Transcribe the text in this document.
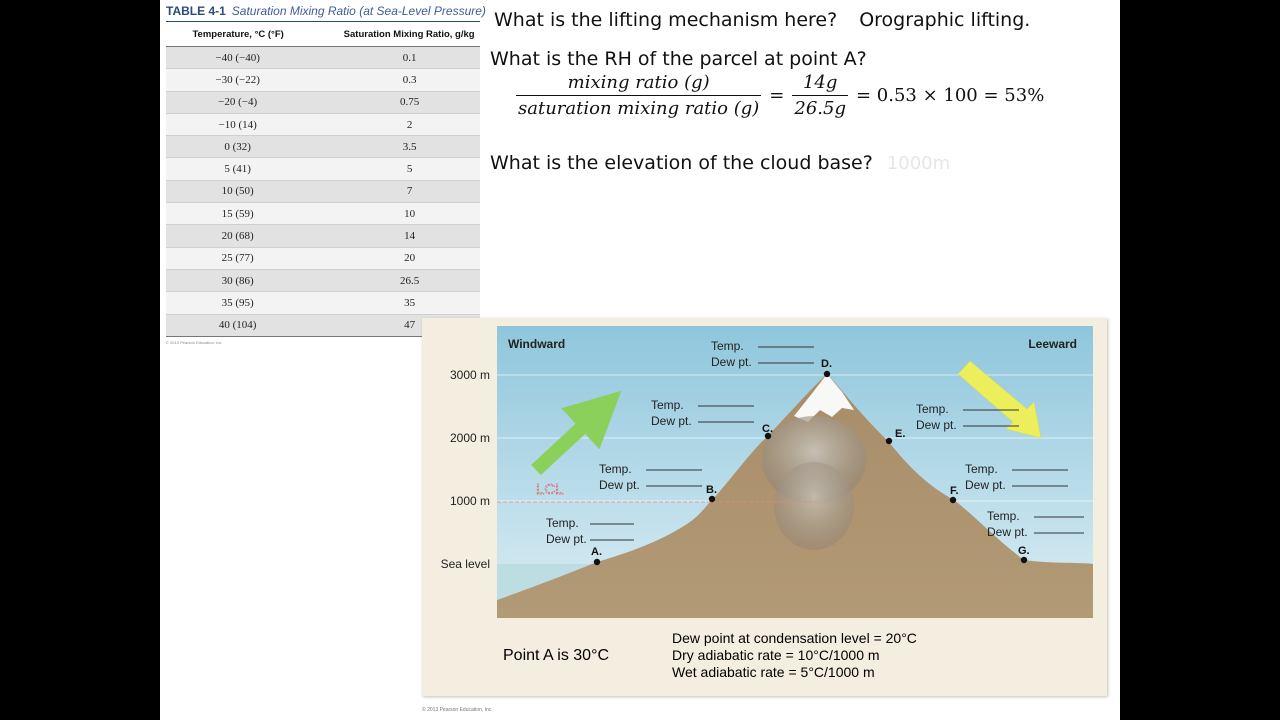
TABLE 4-1 Saturation Mixing Ratio (at Sea-Level Pressure)
Temperature, °C (°F)	Saturation Mixing Ratio, g/kg
−40 (−40)	0.1
−30 (−22)	0.3
−20 (−4)	0.75
−10 (14)	2
0 (32)	3.5
5 (41)	5
10 (50)	7
15 (59)	10
20 (68)	14
25 (77)	20
30 (86)	26.5
35 (95)	35
40 (104)	47
© 2013 Pearson Education, Inc.
What is the lifting mechanism here? Orographic lifting.
What is the RH of the parcel at point A?
$\frac{\text{mixing ratio (g)}}{\text{saturation mixing ratio (g)}} = \frac{14g}{26.5g} = 0.53 \times 100 = 53\%$
What is the elevation of the cloud base? 1000m
Windward	Leeward
3000 m
2000 m
1000 m
Sea level
LCL
A.
B.
C.
D.
E.
F.
G.
Temp.
Dew pt.
Temp.
Dew pt.
Temp.
Dew pt.
Temp.
Dew pt.
Temp.
Dew pt.
Temp.
Dew pt.
Temp.
Dew pt.
Point A is 30°C
Dew point at condensation level = 20°C
Dry adiabatic rate = 10°C/1000 m
Wet adiabatic rate = 5°C/1000 m
© 2013 Pearson Education, Inc.
